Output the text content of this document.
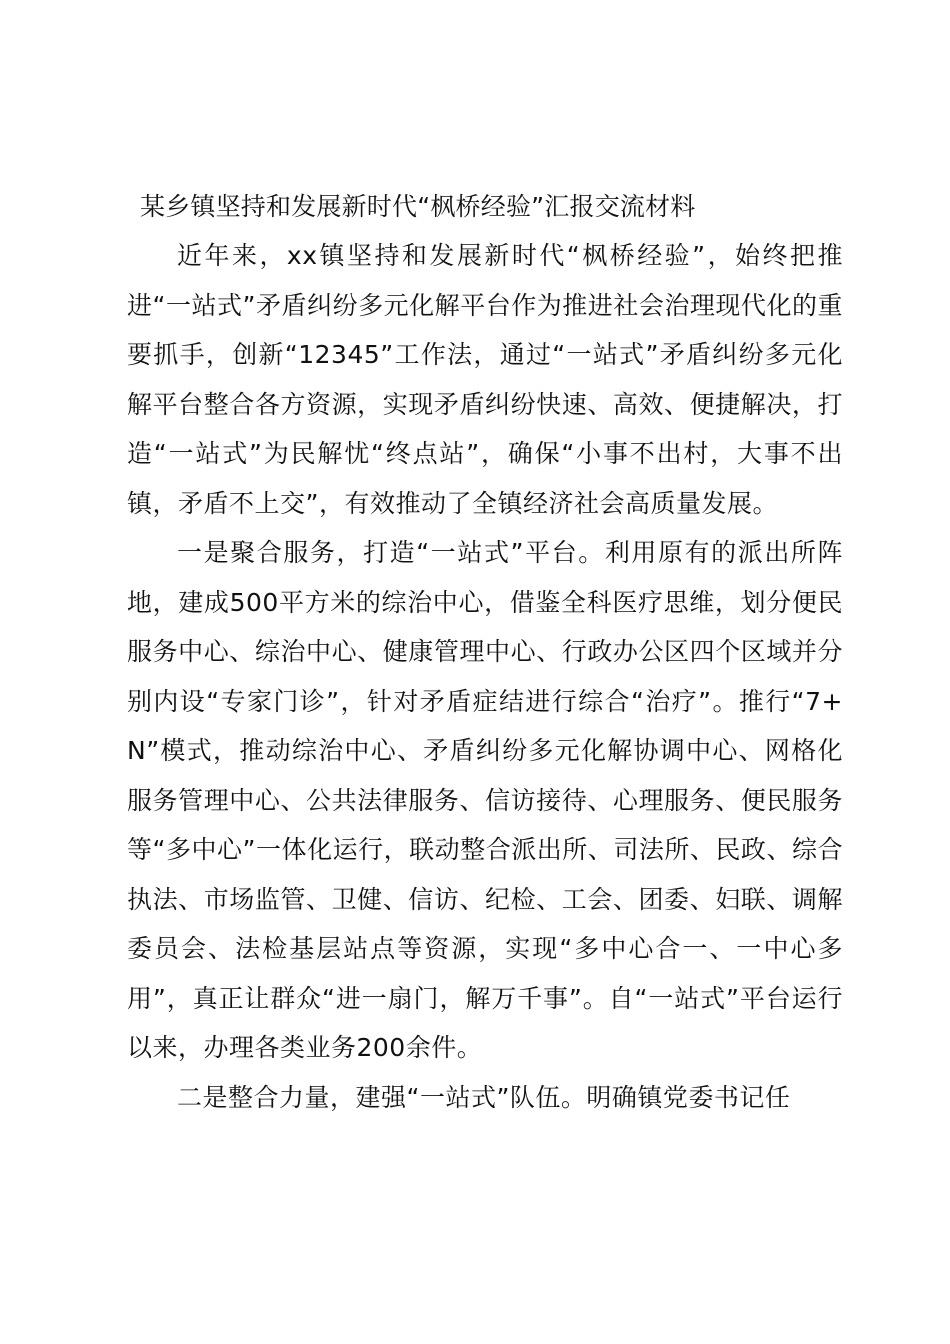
某乡镇坚持和发展新时代“枫桥经验”汇报交流材料

近年来，xx镇坚持和发展新时代“枫桥经验”，始终把推进“一站式”矛盾纠纷多元化解平台作为推进社会治理现代化的重要抓手，创新“12345”工作法，通过“一站式”矛盾纠纷多元化解平台整合各方资源，实现矛盾纠纷快速、高效、便捷解决，打造“一站式”为民解忧“终点站”，确保“小事不出村，大事不出镇，矛盾不上交”，有效推动了全镇经济社会高质量发展。

一是聚合服务，打造“一站式”平台。利用原有的派出所阵地，建成500平方米的综治中心，借鉴全科医疗思维，划分便民服务中心、综治中心、健康管理中心、行政办公区四个区域并分别内设“专家门诊”，针对矛盾症结进行综合“治疗”。推行“7+N”模式，推动综治中心、矛盾纠纷多元化解协调中心、网格化服务管理中心、公共法律服务、信访接待、心理服务、便民服务等“多中心”一体化运行，联动整合派出所、司法所、民政、综合执法、市场监管、卫健、信访、纪检、工会、团委、妇联、调解委员会、法检基层站点等资源，实现“多中心合一、一中心多用”，真正让群众“进一扇门，解万千事”。自“一站式”平台运行以来，办理各类业务200余件。

二是整合力量，建强“一站式”队伍。明确镇党委书记任
